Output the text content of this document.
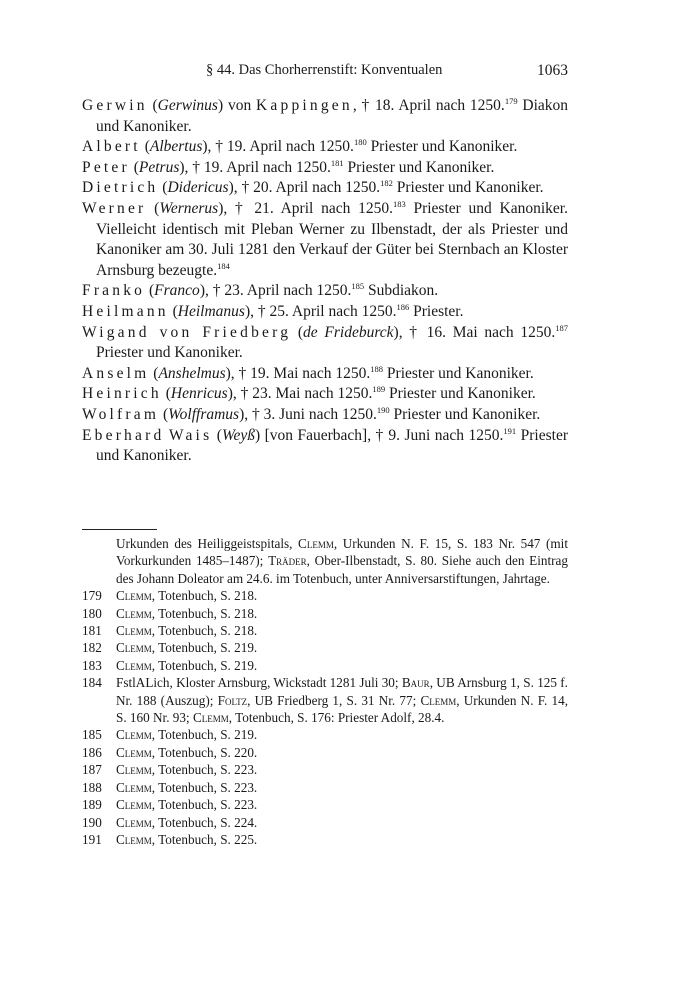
§ 44. Das Chorherrenstift: Konventualen	1063

Gerwin (Gerwinus) von Kappingen, † 18. April nach 1250.$^{179}$ Diakon und Kanoniker.

Albert (Albertus), † 19. April nach 1250.$^{180}$ Priester und Kanoniker.

Peter (Petrus), † 19. April nach 1250.$^{181}$ Priester und Kanoniker.

Dietrich (Didericus), † 20. April nach 1250.$^{182}$ Priester und Kanoniker.

Werner (Wernerus), † 21. April nach 1250.$^{183}$ Priester und Kanoniker. Vielleicht identisch mit Pleban Werner zu Ilbenstadt, der als Priester und Kanoniker am 30. Juli 1281 den Verkauf der Güter bei Sternbach an Kloster Arnsburg bezeugte.$^{184}$

Franko (Franco), † 23. April nach 1250.$^{185}$ Subdiakon.

Heilmann (Heilmanus), † 25. April nach 1250.$^{186}$ Priester.

Wigand von Friedberg (de Frideburck), † 16. Mai nach 1250.$^{187}$ Priester und Kanoniker.

Anselm (Anshelmus), † 19. Mai nach 1250.$^{188}$ Priester und Kanoniker.

Heinrich (Henricus), † 23. Mai nach 1250.$^{189}$ Priester und Kanoniker.

Wolfram (Wolfframus), † 3. Juni nach 1250.$^{190}$ Priester und Kanoniker.

Eberhard Wais (Weyß) [von Fauerbach], † 9. Juni nach 1250.$^{191}$ Priester und Kanoniker.

Urkunden des Heiliggeistspitals, Clemm, Urkunden N. F. 15, S. 183 Nr. 547 (mit Vorkurkunden 1485–1487); Träder, Ober-Ilbenstadt, S. 80. Siehe auch den Eintrag des Johann Doleator am 24.6. im Totenbuch, unter Anniversarstiftungen, Jahrtage.
179 Clemm, Totenbuch, S. 218.
180 Clemm, Totenbuch, S. 218.
181 Clemm, Totenbuch, S. 218.
182 Clemm, Totenbuch, S. 219.
183 Clemm, Totenbuch, S. 219.
184 FstlALich, Kloster Arnsburg, Wickstadt 1281 Juli 30; Baur, UB Arnsburg 1, S. 125 f. Nr. 188 (Auszug); Foltz, UB Friedberg 1, S. 31 Nr. 77; Clemm, Urkunden N. F. 14, S. 160 Nr. 93; Clemm, Totenbuch, S. 176: Priester Adolf, 28.4.
185 Clemm, Totenbuch, S. 219.
186 Clemm, Totenbuch, S. 220.
187 Clemm, Totenbuch, S. 223.
188 Clemm, Totenbuch, S. 223.
189 Clemm, Totenbuch, S. 223.
190 Clemm, Totenbuch, S. 224.
191 Clemm, Totenbuch, S. 225.
